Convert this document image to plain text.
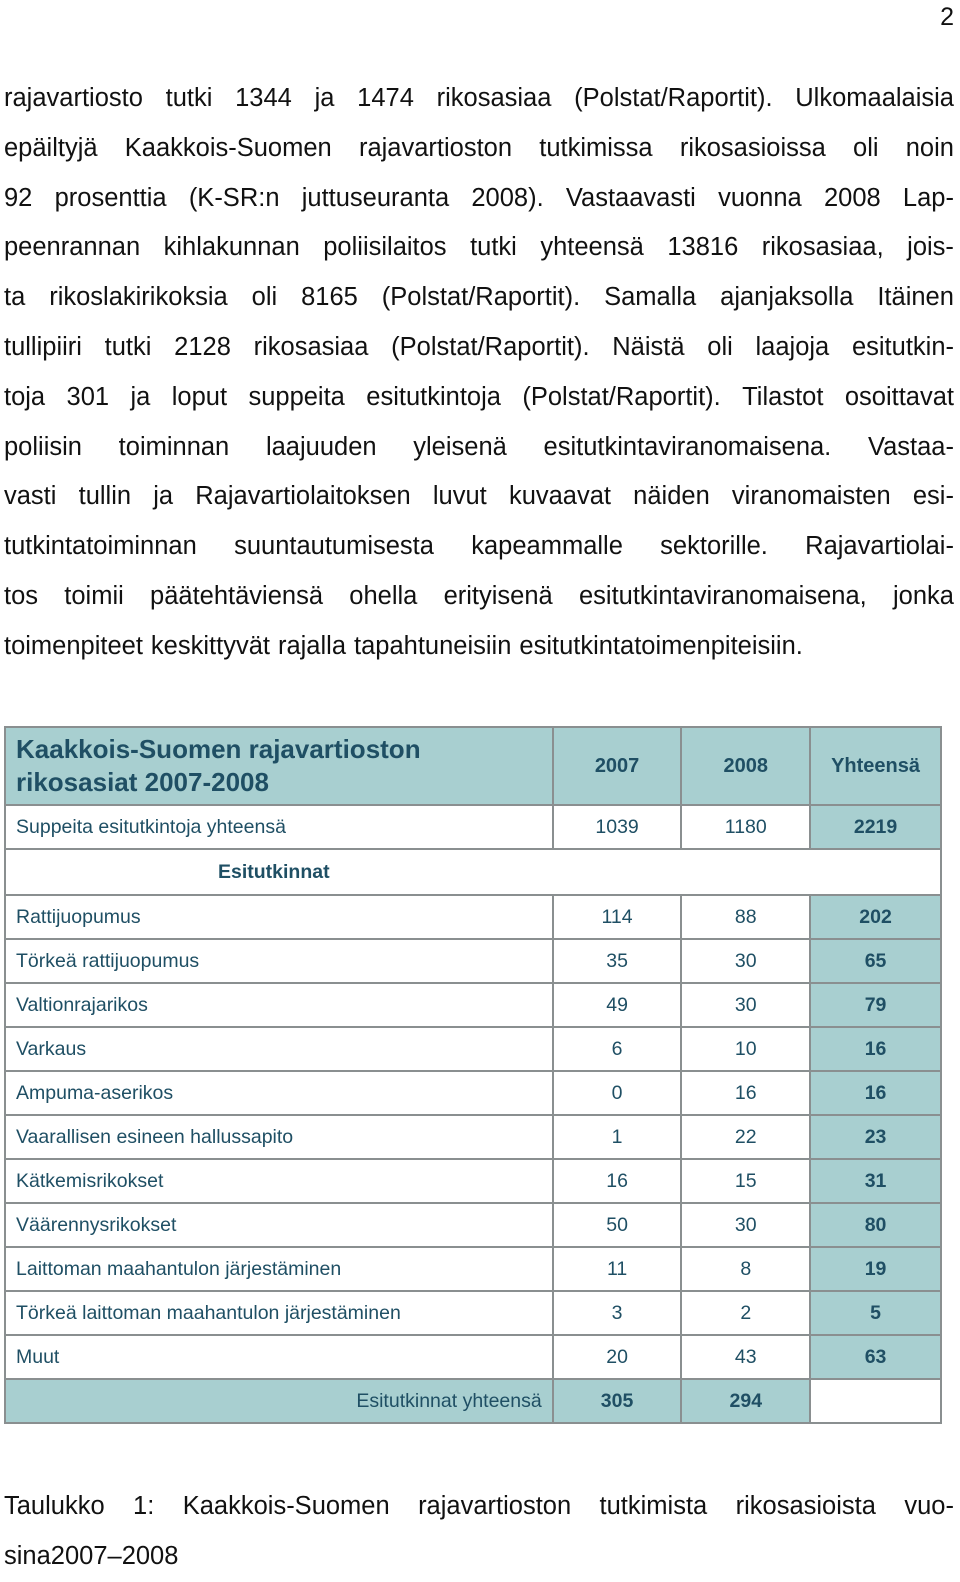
2
rajavartiosto tutki 1344 ja 1474 rikosasiaa (Polstat/Raportit). Ulkomaalaisia
epäiltyjä Kaakkois-Suomen rajavartioston tutkimissa rikosasioissa oli noin
92 prosenttia (K-SR:n juttuseuranta 2008). Vastaavasti vuonna 2008 Lap-
peenrannan kihlakunnan poliisilaitos tutki yhteensä 13816 rikosasiaa, jois-
ta rikoslakirikoksia oli 8165 (Polstat/Raportit). Samalla ajanjaksolla Itäinen
tullipiiri tutki 2128 rikosasiaa (Polstat/Raportit). Näistä oli laajoja esitutkin-
toja 301 ja loput suppeita esitutkintoja (Polstat/Raportit). Tilastot osoittavat
poliisin toiminnan laajuuden yleisenä esitutkintaviranomaisena. Vastaa-
vasti tullin ja Rajavartiolaitoksen luvut kuvaavat näiden viranomaisten esi-
tutkintatoiminnan suuntautumisesta kapeammalle sektorille. Rajavartiolai-
tos toimii päätehtäviensä ohella erityisenä esitutkintaviranomaisena, jonka
toimenpiteet keskittyvät rajalla tapahtuneisiin esitutkintatoimenpiteisiin.
Kaakkois-Suomen rajavartioston rikosasiat 2007-2008	2007	2008	Yhteensä
Suppeita esitutkintoja yhteensä	1039	1180	2219
Esitutkinnat			
Rattijuopumus	114	88	202
Törkeä rattijuopumus	35	30	65
Valtionrajarikos	49	30	79
Varkaus	6	10	16
Ampuma-aserikos	0	16	16
Vaarallisen esineen hallussapito	1	22	23
Kätkemisrikokset	16	15	31
Väärennysrikokset	50	30	80
Laittoman maahantulon järjestäminen	11	8	19
Törkeä laittoman maahantulon järjestäminen	3	2	5
Muut	20	43	63
Esitutkinnat yhteensä	305	294	
Taulukko 1: Kaakkois-Suomen rajavartioston tutkimista rikosasioista vuo-
sina 2007–2008
